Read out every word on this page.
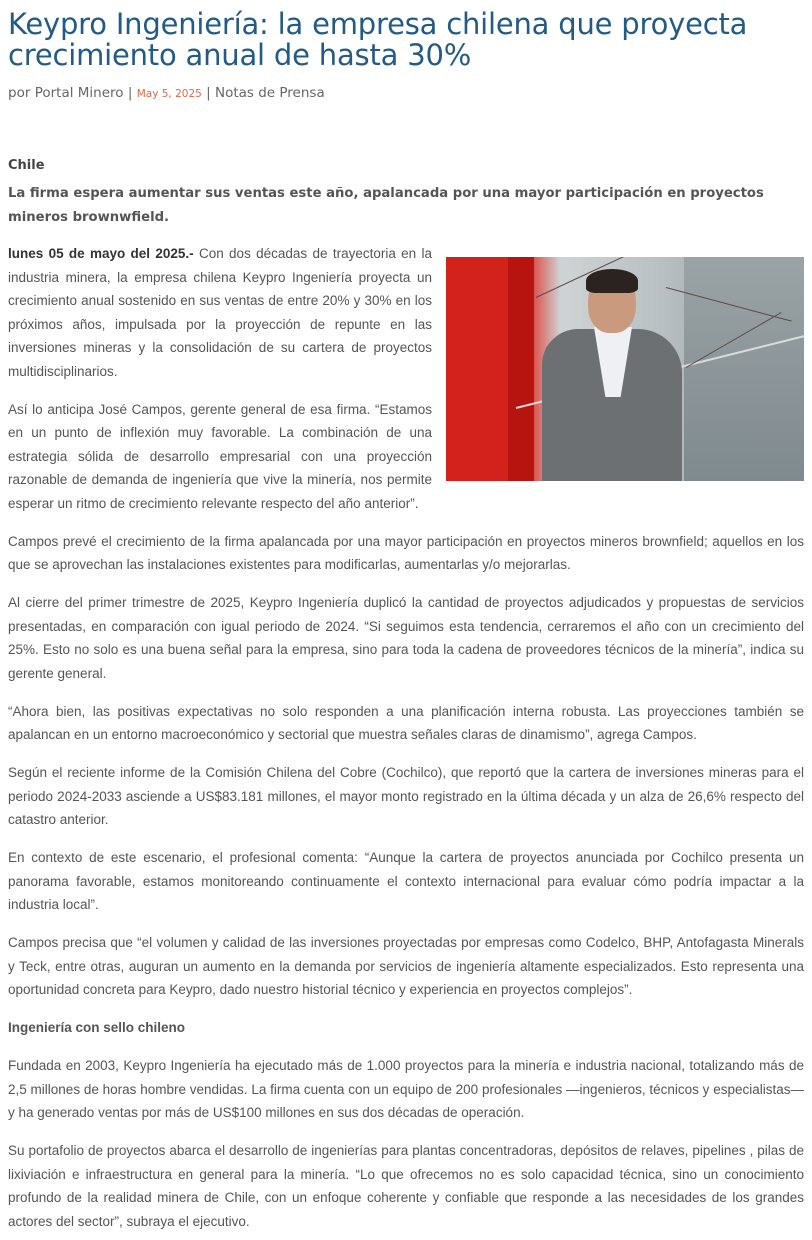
Keypro Ingeniería: la empresa chilena que proyecta crecimiento anual de hasta 30%
por Portal Minero | May 5, 2025 | Notas de Prensa
Chile
La firma espera aumentar sus ventas este año, apalancada por una mayor participación en proyectos mineros brownwfield.

lunes 05 de mayo del 2025.- Con dos décadas de trayectoria en la industria minera, la empresa chilena Keypro Ingeniería proyecta un crecimiento anual sostenido en sus ventas de entre 20% y 30% en los próximos años, impulsada por la proyección de repunte en las inversiones mineras y la consolidación de su cartera de proyectos multidisciplinarios.

Así lo anticipa José Campos, gerente general de esa firma. “Estamos en un punto de inflexión muy favorable. La combinación de una estrategia sólida de desarrollo empresarial con una proyección razonable de demanda de ingeniería que vive la minería, nos permite esperar un ritmo de crecimiento relevante respecto del año anterior”.

Campos prevé el crecimiento de la firma apalancada por una mayor participación en proyectos mineros brownfield; aquellos en los que se aprovechan las instalaciones existentes para modificarlas, aumentarlas y/o mejorarlas.

Al cierre del primer trimestre de 2025, Keypro Ingeniería duplicó la cantidad de proyectos adjudicados y propuestas de servicios presentadas, en comparación con igual periodo de 2024. “Si seguimos esta tendencia, cerraremos el año con un crecimiento del 25%. Esto no solo es una buena señal para la empresa, sino para toda la cadena de proveedores técnicos de la minería”, indica su gerente general.

“Ahora bien, las positivas expectativas no solo responden a una planificación interna robusta. Las proyecciones también se apalancan en un entorno macroeconómico y sectorial que muestra señales claras de dinamismo”, agrega Campos.

Según el reciente informe de la Comisión Chilena del Cobre (Cochilco), que reportó que la cartera de inversiones mineras para el periodo 2024-2033 asciende a US$83.181 millones, el mayor monto registrado en la última década y un alza de 26,6% respecto del catastro anterior.

En contexto de este escenario, el profesional comenta: “Aunque la cartera de proyectos anunciada por Cochilco presenta un panorama favorable, estamos monitoreando continuamente el contexto internacional para evaluar cómo podría impactar a la industria local”.

Campos precisa que “el volumen y calidad de las inversiones proyectadas por empresas como Codelco, BHP, Antofagasta Minerals y Teck, entre otras, auguran un aumento en la demanda por servicios de ingeniería altamente especializados. Esto representa una oportunidad concreta para Keypro, dado nuestro historial técnico y experiencia en proyectos complejos”.

Ingeniería con sello chileno

Fundada en 2003, Keypro Ingeniería ha ejecutado más de 1.000 proyectos para la minería e industria nacional, totalizando más de 2,5 millones de horas hombre vendidas. La firma cuenta con un equipo de 200 profesionales —ingenieros, técnicos y especialistas— y ha generado ventas por más de US$100 millones en sus dos décadas de operación.

Su portafolio de proyectos abarca el desarrollo de ingenierías para plantas concentradoras, depósitos de relaves, pipelines , pilas de lixiviación e infraestructura en general para la minería. “Lo que ofrecemos no es solo capacidad técnica, sino un conocimiento profundo de la realidad minera de Chile, con un enfoque coherente y confiable que responde a las necesidades de los grandes actores del sector”, subraya el ejecutivo.
